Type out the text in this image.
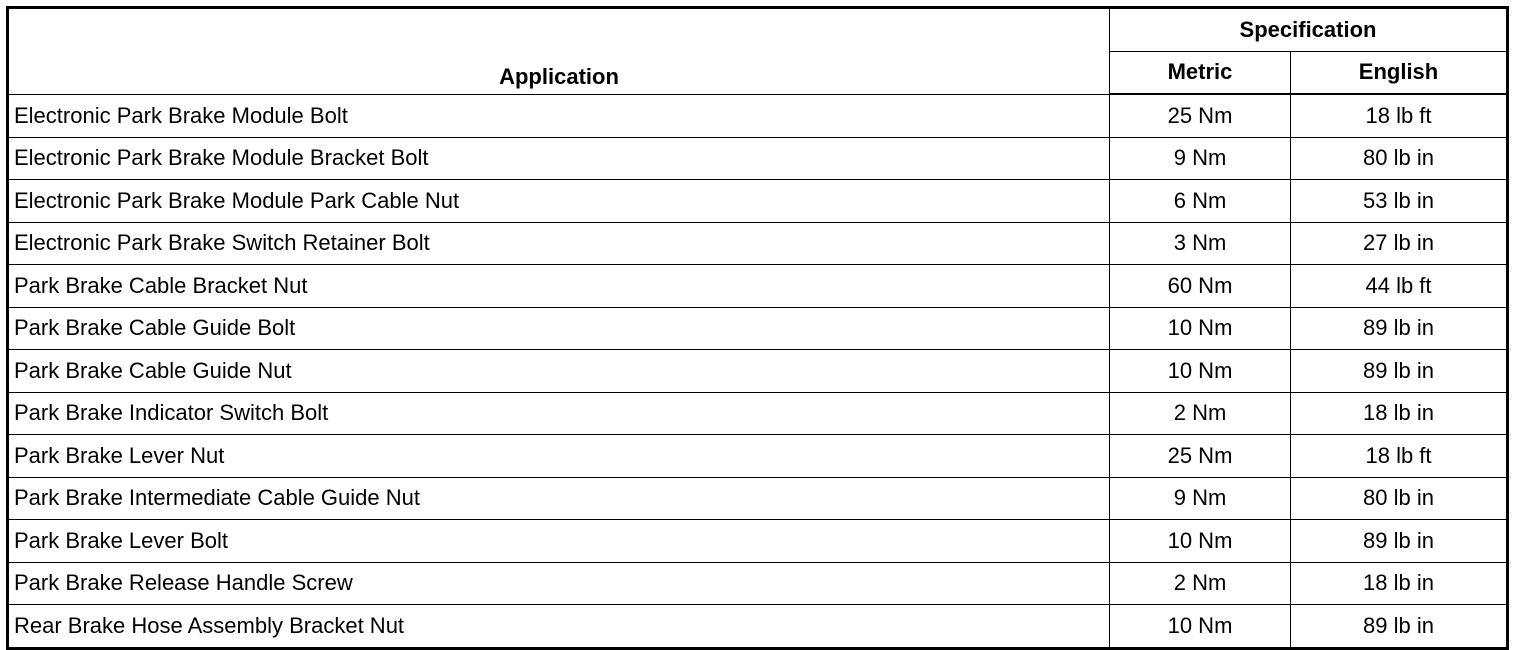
Application	Specification	
	Metric	English
Electronic Park Brake Module Bolt	25 Nm	18 lb ft
Electronic Park Brake Module Bracket Bolt	9 Nm	80 lb in
Electronic Park Brake Module Park Cable Nut	6 Nm	53 lb in
Electronic Park Brake Switch Retainer Bolt	3 Nm	27 lb in
Park Brake Cable Bracket Nut	60 Nm	44 lb ft
Park Brake Cable Guide Bolt	10 Nm	89 lb in
Park Brake Cable Guide Nut	10 Nm	89 lb in
Park Brake Indicator Switch Bolt	2 Nm	18 lb in
Park Brake Lever Nut	25 Nm	18 lb ft
Park Brake Intermediate Cable Guide Nut	9 Nm	80 lb in
Park Brake Lever Bolt	10 Nm	89 lb in
Park Brake Release Handle Screw	2 Nm	18 lb in
Rear Brake Hose Assembly Bracket Nut	10 Nm	89 lb in
